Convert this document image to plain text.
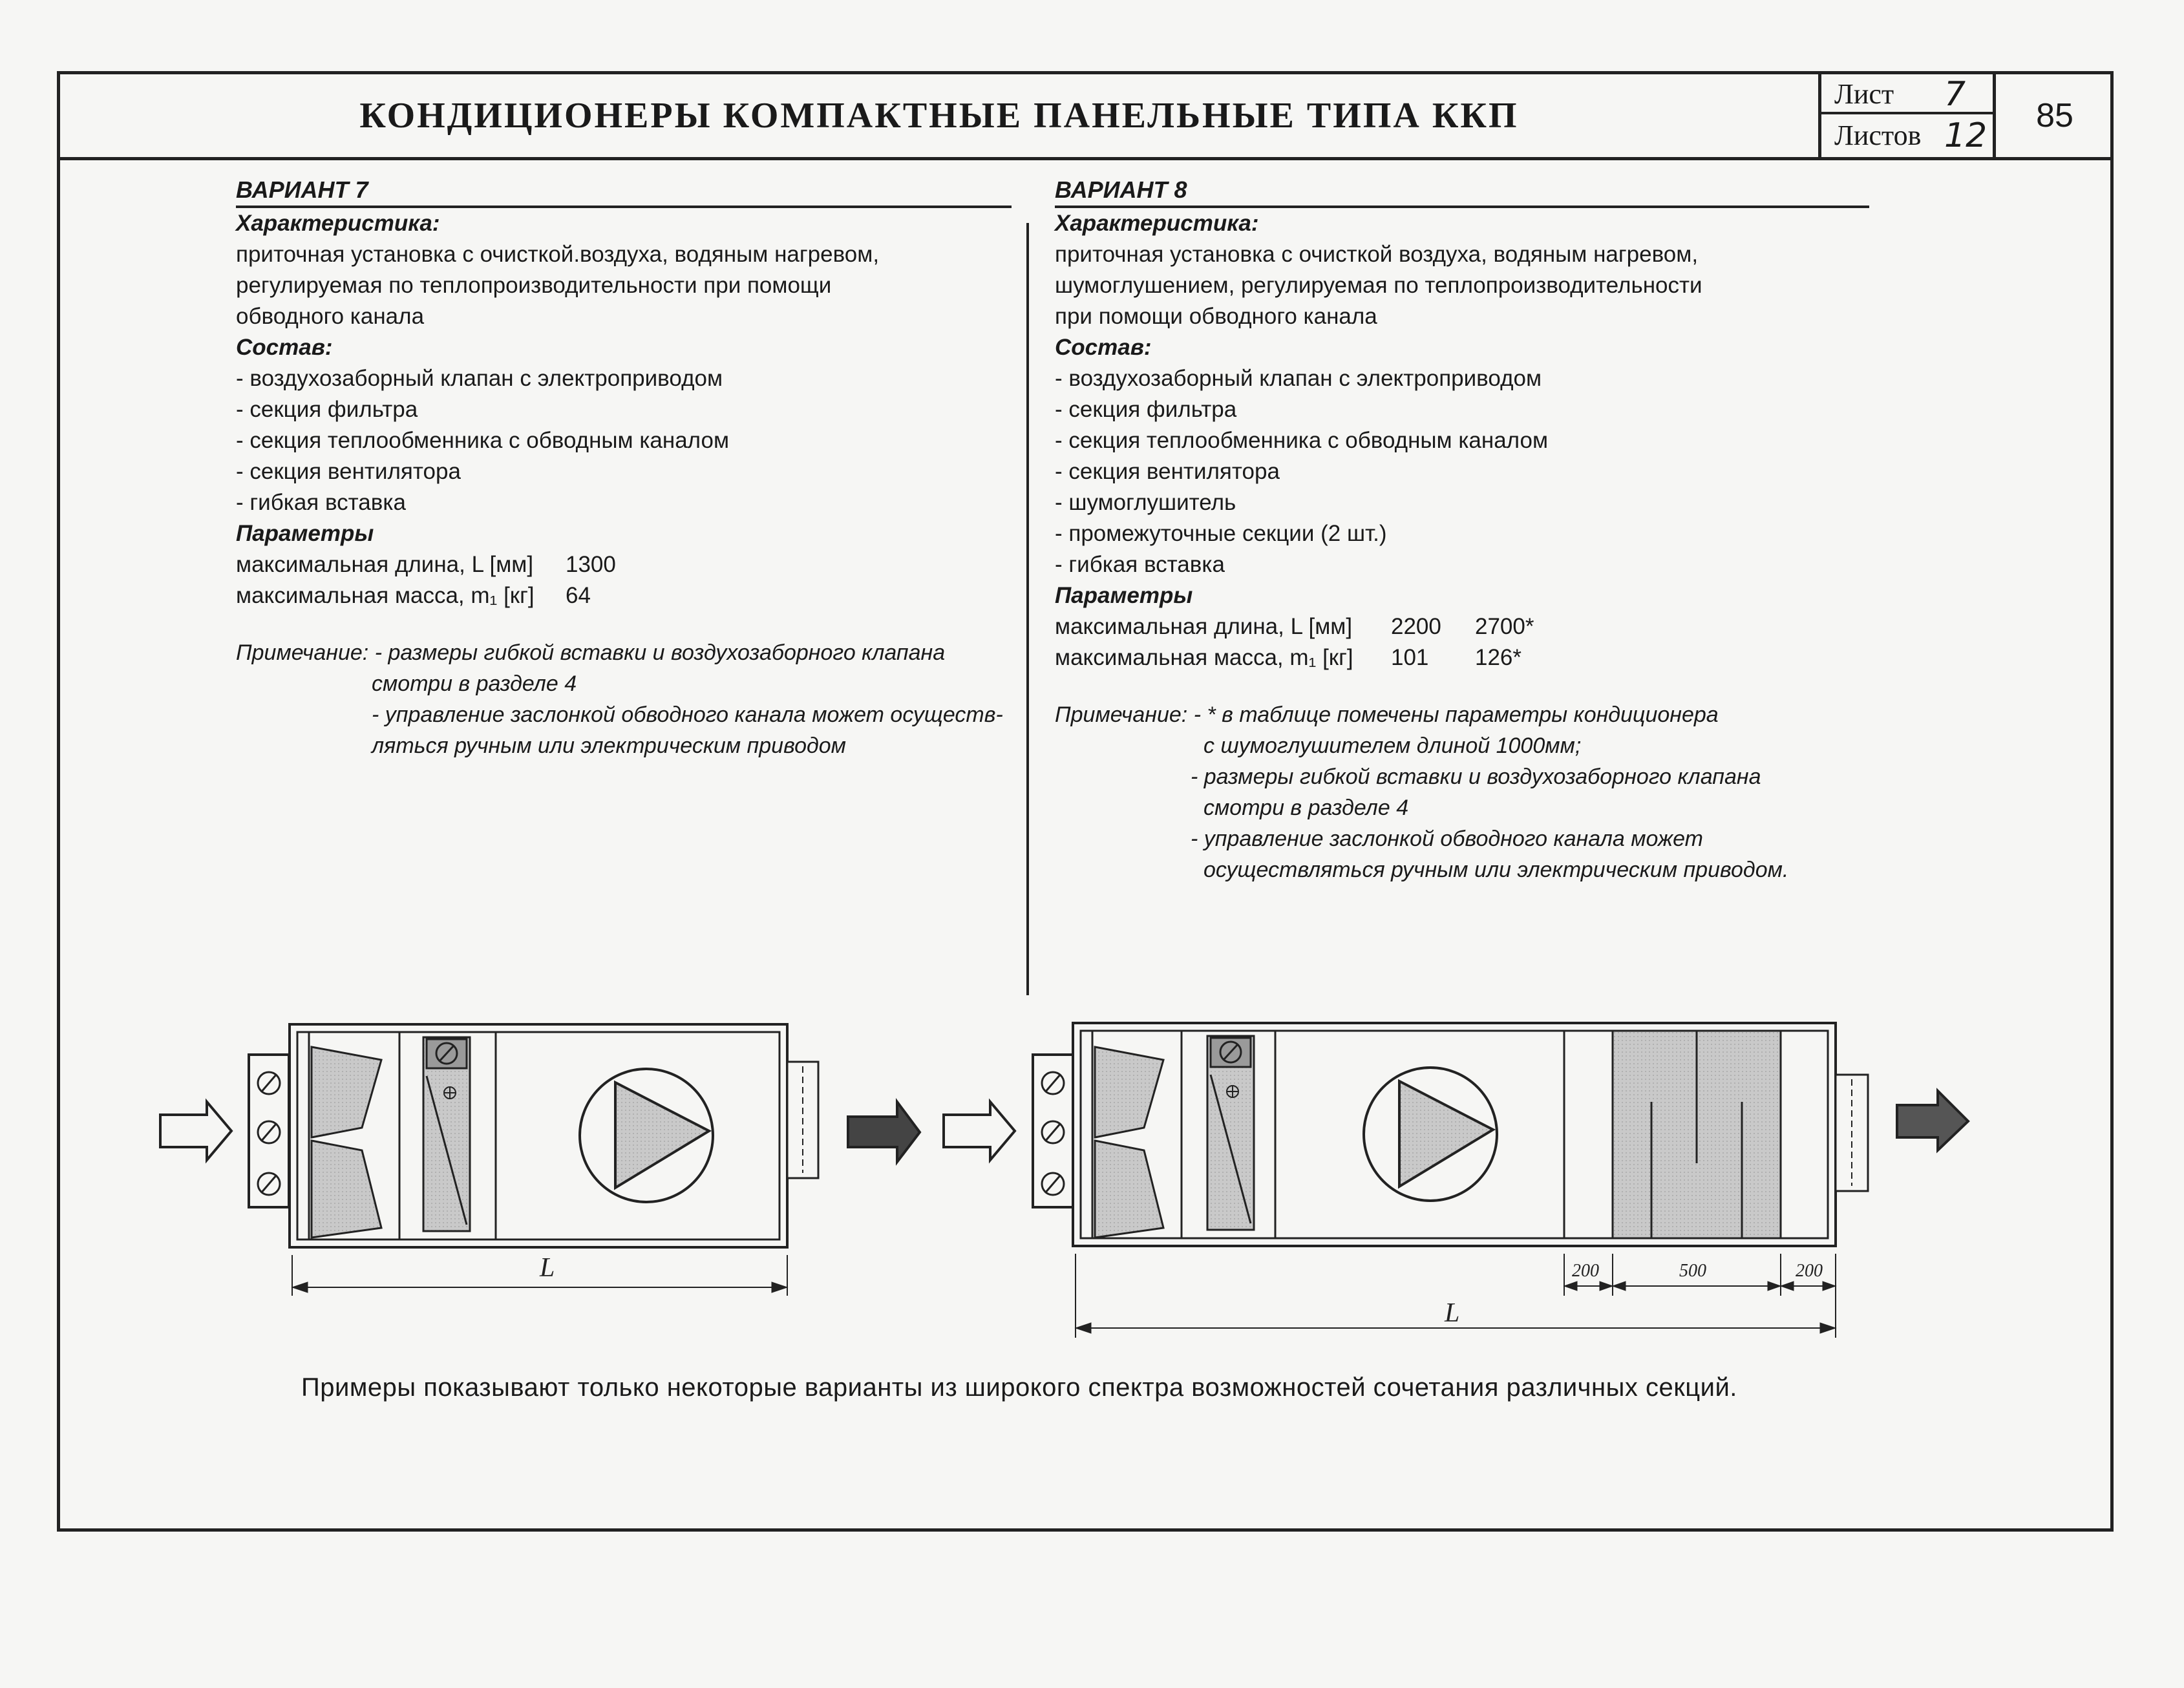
КОНДИЦИОНЕРЫ КОМПАКТНЫЕ ПАНЕЛЬНЫЕ ТИПА ККП
Лист 7
Листов 12
85
ВАРИАНТ 7
Характеристика:
приточная установка с очисткой.воздуха, водяным нагревом,
регулируемая по теплопроизводительности при помощи
обводного канала
Состав:
- воздухозаборный клапан с электроприводом
- секция фильтра
- секция теплообменника с обводным каналом
- секция вентилятора
- гибкая вставка
Параметры
максимальная длина, L [мм]	1300
максимальная масса, m₁ [кг]	64
Примечание: - размеры гибкой вставки и воздухозаборного клапана
смотри в разделе 4
- управление заслонкой обводного канала может осуществ-
ляться ручным или электрическим приводом
ВАРИАНТ 8
Характеристика:
приточная установка с очисткой воздуха, водяным нагревом,
шумоглушением, регулируемая по теплопроизводительности
при помощи обводного канала
Состав:
- воздухозаборный клапан с электроприводом
- секция фильтра
- секция теплообменника с обводным каналом
- секция вентилятора
- шумоглушитель
- промежуточные секции (2 шт.)
- гибкая вставка
Параметры
максимальная длина, L [мм]	2200	2700*
максимальная масса, m₁ [кг]	101	126*
Примечание: - * в таблице помечены параметры кондиционера
с шумоглушителем длиной 1000мм;
- размеры гибкой вставки и воздухозаборного клапана
смотри в разделе 4
- управление заслонкой обводного канала может
осуществляться ручным или электрическим приводом.
L	200	500	200
L
Примеры показывают только некоторые варианты из широкого спектра возможностей сочетания различных секций.
